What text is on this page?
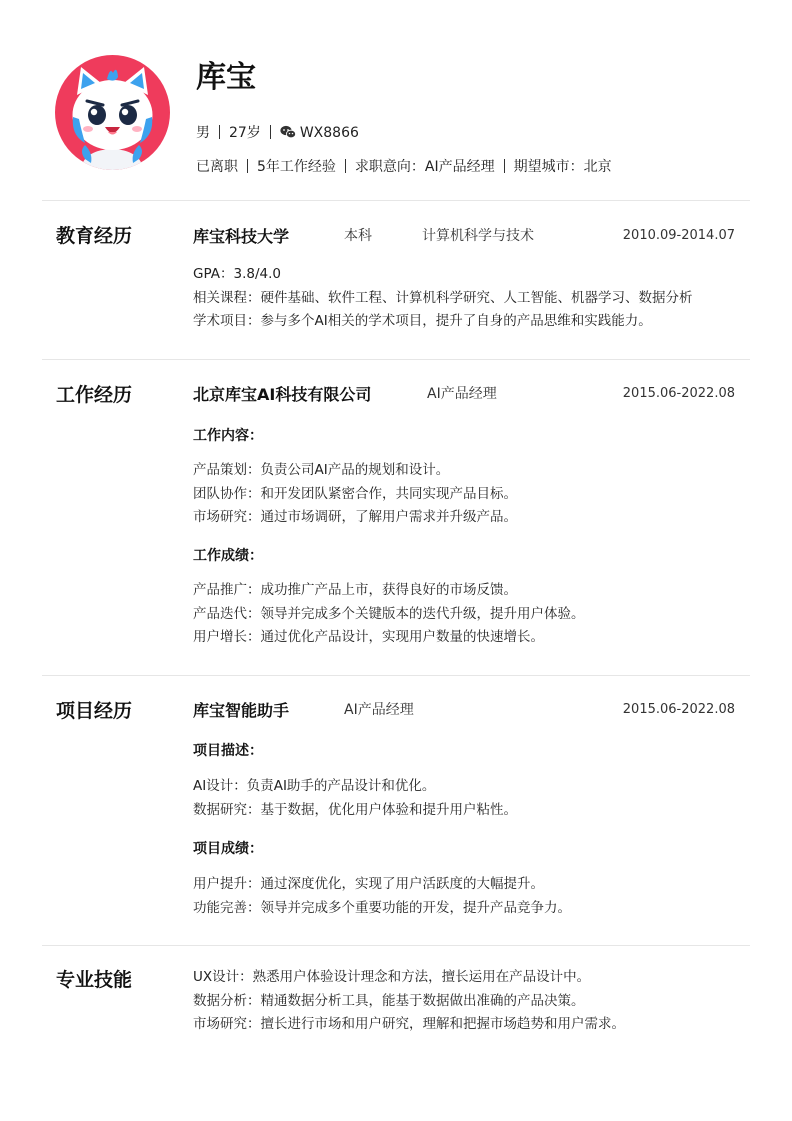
库宝
男 27岁	WX8866
已离职 5年工作经验 求职意向：AI产品经理 期望城市：北京
教育经历	库宝科技大学	本科	计算机科学与技术	2010.09-2014.07
GPA：3.8/4.0
相关课程：硬件基础、软件工程、计算机科学研究、人工智能、机器学习、数据分析
学术项目：参与多个AI相关的学术项目，提升了自身的产品思维和实践能力。
工作经历	北京库宝AI科技有限公司	AI产品经理	2015.06-2022.08
工作内容：
产品策划：负责公司AI产品的规划和设计。
团队协作：和开发团队紧密合作，共同实现产品目标。
市场研究：通过市场调研，了解用户需求并升级产品。
工作成绩：
产品推广：成功推广产品上市，获得良好的市场反馈。
产品迭代：领导并完成多个关键版本的迭代升级，提升用户体验。
用户增长：通过优化产品设计，实现用户数量的快速增长。
项目经历	库宝智能助手	AI产品经理	2015.06-2022.08
项目描述：
AI设计：负责AI助手的产品设计和优化。
数据研究：基于数据，优化用户体验和提升用户粘性。
项目成绩：
用户提升：通过深度优化，实现了用户活跃度的大幅提升。
功能完善：领导并完成多个重要功能的开发，提升产品竞争力。
专业技能	UX设计：熟悉用户体验设计理念和方法，擅长运用在产品设计中。
数据分析：精通数据分析工具，能基于数据做出准确的产品决策。
市场研究：擅长进行市场和用户研究，理解和把握市场趋势和用户需求。
